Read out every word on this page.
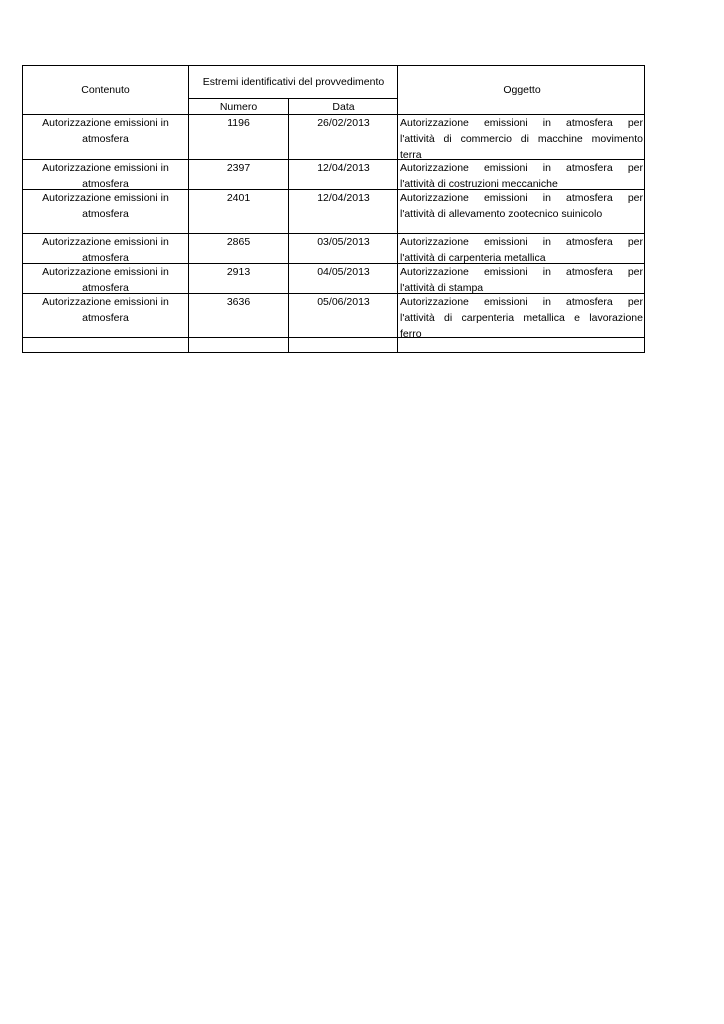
Contenuto
Estremi identificativi del provvedimento
Numero	Data
Oggetto
Autorizzazione emissioni in
atmosfera
1196	26/02/2013	Autorizzazione emissioni in atmosfera per
l'attività di commercio di macchine movimento
terra
Autorizzazione emissioni in
atmosfera
2397	12/04/2013	Autorizzazione emissioni in atmosfera per
l'attività di costruzioni meccaniche
Autorizzazione emissioni in
atmosfera
2401	12/04/2013	Autorizzazione emissioni in atmosfera per
l'attività di allevamento zootecnico suinicolo
Autorizzazione emissioni in
atmosfera
2865	03/05/2013	Autorizzazione emissioni in atmosfera per
l'attività di carpenteria metallica
Autorizzazione emissioni in
atmosfera
2913	04/05/2013	Autorizzazione emissioni in atmosfera per
l'attività di stampa
Autorizzazione emissioni in
atmosfera
3636	05/06/2013	Autorizzazione emissioni in atmosfera per
l'attività di carpenteria metallica e lavorazione
ferro
